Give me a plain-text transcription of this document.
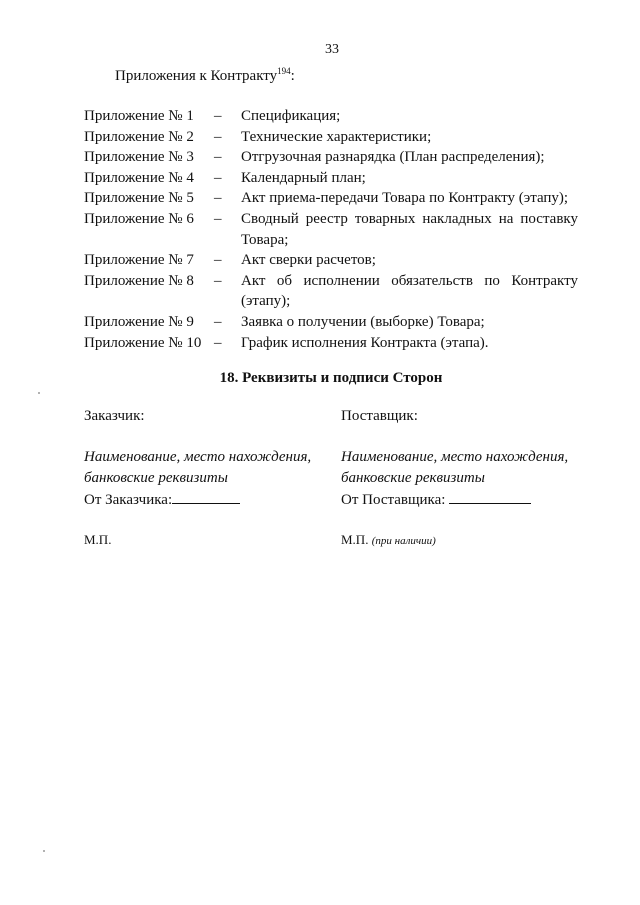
33
Приложения к Контракту$^{194}$:
Приложение № 1	–	Спецификация;
Приложение № 2	–	Технические характеристики;
Приложение № 3	–	Отгрузочная разнарядка (План распределения);
Приложение № 4	–	Календарный план;
Приложение № 5	–	Акт приема-передачи Товара по Контракту (этапу);
Приложение № 6	–	Сводный реестр товарных накладных на поставку Товара;
Приложение № 7	–	Акт сверки расчетов;
Приложение № 8	–	Акт об исполнении обязательств по Контракту (этапу);
Приложение № 9	–	Заявка о получении (выборке) Товара;
Приложение № 10 –	График исполнения Контракта (этапа).
18. Реквизиты и подписи Сторон
Заказчик:
Наименование, место нахождения, банковские реквизиты
От Заказчика:
М.П.
Поставщик:
Наименование, место нахождения, банковские реквизиты
От Поставщика:
М.П. (при наличии)
